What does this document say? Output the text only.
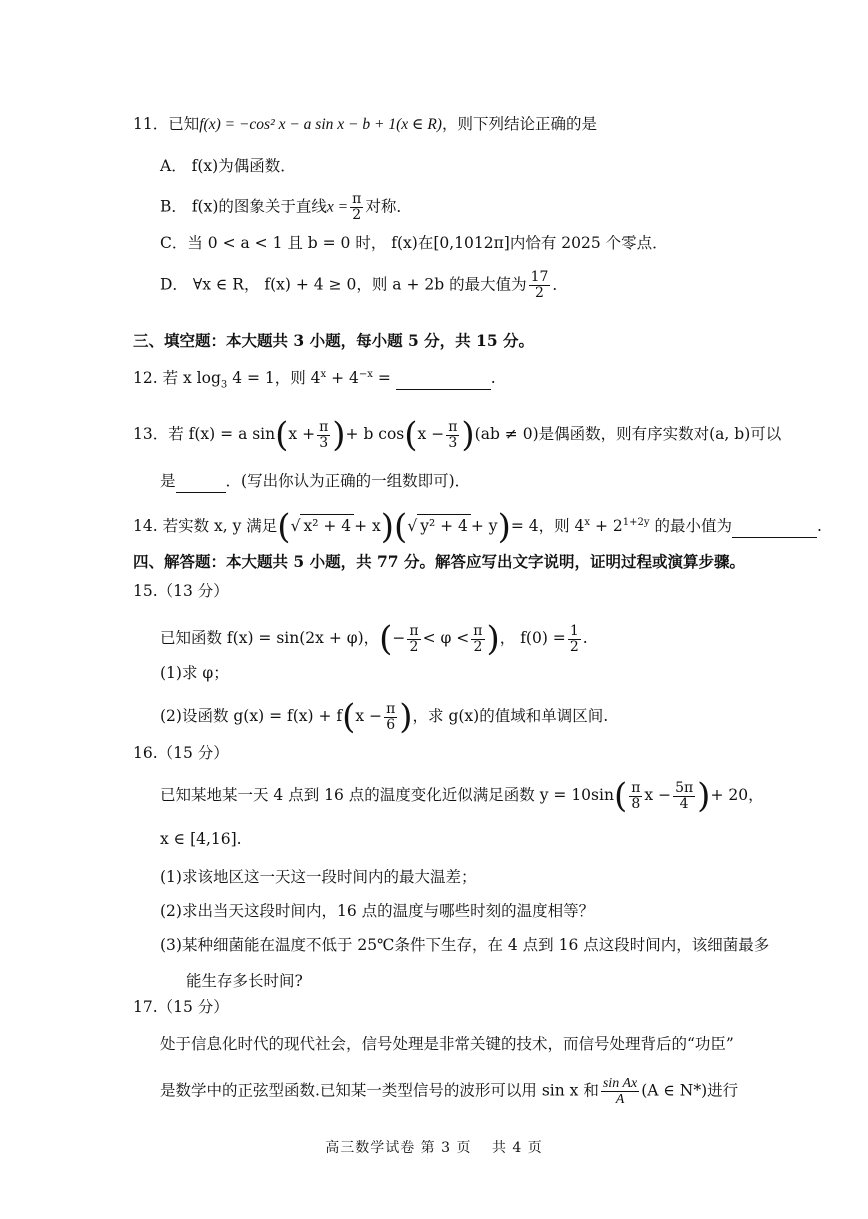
11．已知f(x) = −cos² x − a sin x − b + 1(x ∈ R)，则下列结论正确的是
A． f(x)为偶函数．
B． f(x)的图象关于直线$x = \frac{\pi}{2}$ 对称．
C．当 0 < a < 1 且 b = 0 时， f(x)在[0,1012π]内恰有 2025 个零点．
D． ∀x ∈ R， f(x) + 4 ≥ 0，则 a + 2b 的最大值为 $\frac{17}{2}$ ．
三、填空题：本大题共 3 小题，每小题 5 分，共 15 分。
12. 若 x $\log_3 4 = 1$，则 $4^x + 4^{-x}$ =	.
13．若 f(x) = a $\sin(x + \frac{\pi}{3}$ )+ b $\cos(x - \frac{\pi}{3} )(ab \ne 0)$是偶函数，则有序实数对(a, b)可以
是	．(写出你认为正确的一组数即可)．
14. 若实数 x, y 满足(√ x² + 4 + x)(√ y² + 4 + y)= 4，则 $4^x + 2^{1+2y}$ 的最小值为	.
四、解答题：本大题共 5 小题，共 77 分。解答应写出文字说明，证明过程或演算步骤。
15.（13 分）
已知函数 f(x) = sin(2x + φ)，(− $\frac{\pi}{2} < \varphi < \frac{\pi}{2}$ )， $f(0) = \frac{1}{2}$ .
(1)求 φ；
(2)设函数 $g(x) = f(x) + f(x - \frac{\pi}{6}$ )，求 g(x)的值域和单调区间.
16.（15 分）
已知某地某一天 4 点到 16 点的温度变化近似满足函数 $y = 10\sin( \frac{\pi}{8}$ $x - \frac{5\pi}{4}$ )+ 20，
x ∈ [4,16].
(1)求该地区这一天这一段时间内的最大温差；
(2)求出当天这段时间内，16 点的温度与哪些时刻的温度相等？
(3)某种细菌能在温度不低于 25℃条件下生存，在 4 点到 16 点这段时间内，该细菌最多
能生存多长时间?
17.（15 分）
处于信息化时代的现代社会，信号处理是非常关键的技术，而信号处理背后的“功臣”
是数学中的正弦型函数.已知某一类型信号的波形可以用 sin x 和 $\frac{\text{sin Ax}}{A} (A$ ∈ N*)进行
高三数学试卷 第 3 页　 共 4 页
